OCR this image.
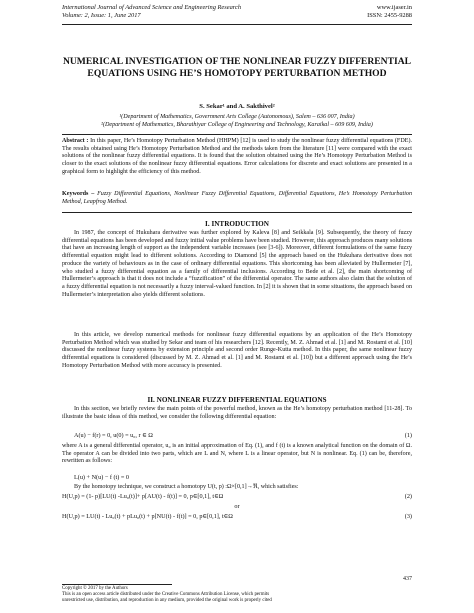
International Journal of Advanced Science and Engineering Research
Volume: 2, Issue: 1, June 2017
www.ijaser.in
ISSN: 2455-9288
NUMERICAL INVESTIGATION OF THE NONLINEAR FUZZY DIFFERENTIAL EQUATIONS USING HE’S HOMOTOPY PERTURBATION METHOD
S. Sekar¹ and A. Sakthivel²
¹(Department of Mathematics, Government Arts College (Autonomous), Salem – 636 007, India)
²(Department of Mathematics, Bharathiyar College of Engineering and Technology, Karaikal – 609 609, India)
Abstract : In this paper, He’s Homotopy Perturbation Method (HHPM) [12] is used to study the nonlinear fuzzy differential equations (FDE). The results obtained using He’s Homotopy Perturbation Method and the methods taken from the literature [11] were compared with the exact solutions of the nonlinear fuzzy differential equations. It is found that the solution obtained using the He’s Homotopy Perturbation Method is closer to the exact solutions of the nonlinear fuzzy differential equations. Error calculations for discrete and exact solutions are presented in a graphical form to highlight the efficiency of this method.
Keywords – Fuzzy Differential Equations, Nonlinear Fuzzy Differential Equations, Differential Equations, He’s Homotopy Perturbation Method, Leapfrog Method.
I. INTRODUCTION
In 1987, the concept of Hukuhara derivative was further explored by Kaleva [8] and Seikkala [9]. Subsequently, the theory of fuzzy differential equations has been developed and fuzzy initial value problems have been studied. However, this approach produces many solutions that have an increasing length of support as the independent variable increases (see [3-6]). Moreover, different formulations of the same fuzzy differential equation might lead to different solutions. According to Diamond [5] the approach based on the Hukuhara derivative does not produce the variety of behaviours as in the case of ordinary differential equations. This shortcoming has been alleviated by Hullermeier [7], who studied a fuzzy differential equation as a family of differential inclusions. According to Bede et al. [2], the main shortcoming of Hullermeier’s approach is that it does not include a “fuzzification” of the differential operator. The same authors also claim that the solution of a fuzzy differential equation is not necessarily a fuzzy interval-valued function. In [2] it is shown that in some situations, the approach based on Hullermeier’s interpretation also yields different solutions.
In this article, we develop numerical methods for nonlinear fuzzy differential equations by an application of the He’s Homotopy Perturbation Method which was studied by Sekar and team of his researchers [12]. Recently, M. Z. Ahmad et al. [1] and M. Rostami et al. [10] discussed the nonlinear fuzzy systems by extension principle and second order Runge-Kutta method. In this paper, the same nonlinear fuzzy differential equations is considered (discussed by M. Z. Ahmad et al. [1] and M. Rostami et al. [10]) but a different approach using the He’s Homotopy Perturbation Method with more accuracy is presented.
II. NONLINEAR FUZZY DIFFERENTIAL EQUATIONS
In this section, we briefly review the main points of the powerful method, known as the He’s homotopy perturbation method [11-28]. To illustrate the basic ideas of this method, we consider the following differential equation:
A(u) − f(r) = 0, u(0) = u₀, r ∈ Ω	(1)
where A is a general differential operator, u₀ is an initial approximation of Eq. (1), and f (t) is a known analytical function on the domain of Ω. The operator A can be divided into two parts, which are L and N, where L is a linear operator, but N is nonlinear. Eq. (1) can be, therefore, rewritten as follows:
L(u) + N(u) − f (t) = 0
By the homotopy technique, we construct a homotopy U(t, p) :Ω×[0,1]→ℜ, which satisfies:
H(U,p) = (1- p)[LU(t) -Lu₀(t)]+ p[AU(t) - f(t)] = 0, p∈[0,1], t∈Ω	(2)
or
H(U,p) = LU(t) - Lu₀(t) + pLu₀(t) + p[NU(t) - f(t)] = 0, p∈[0,1], t∈Ω	(3)
437
Copyright © 2017 by the Authors
This is an open access article distributed under the Creative Commons Attribution License, which permits
unrestricted use, distribution, and reproduction in any medium, provided the original work is properly cited
